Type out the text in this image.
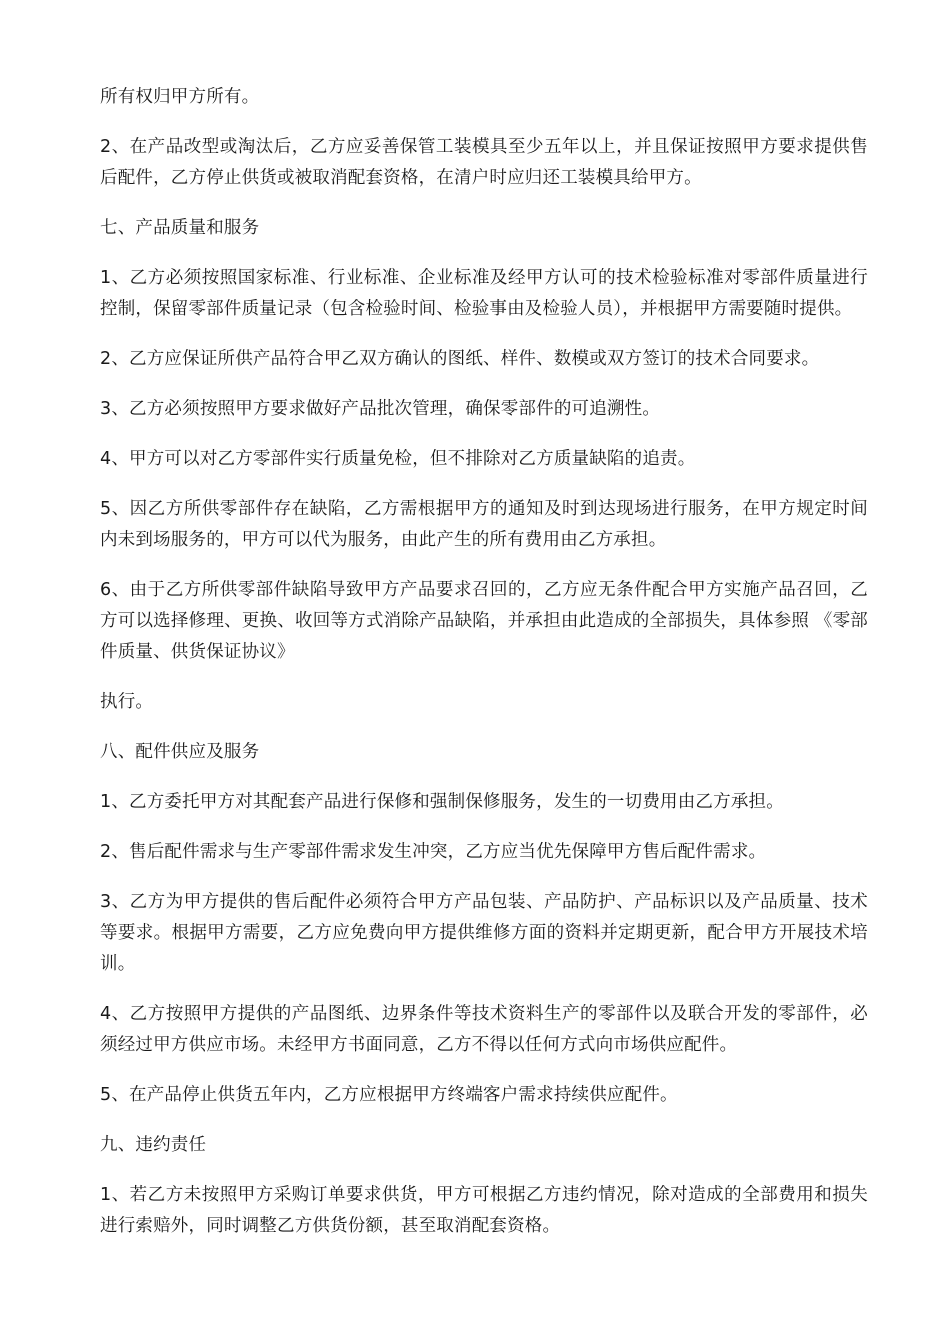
所有权归甲方所有。

2、在产品改型或淘汰后，乙方应妥善保管工装模具至少五年以上，并且保证按照甲方要求提供售后配件，乙方停止供货或被取消配套资格，在清户时应归还工装模具给甲方。

七、产品质量和服务

1、乙方必须按照国家标准、行业标准、企业标准及经甲方认可的技术检验标准对零部件质量进行控制，保留零部件质量记录（包含检验时间、检验事由及检验人员），并根据甲方需要随时提供。

2、乙方应保证所供产品符合甲乙双方确认的图纸、样件、数模或双方签订的技术合同要求。

3、乙方必须按照甲方要求做好产品批次管理，确保零部件的可追溯性。

4、甲方可以对乙方零部件实行质量免检，但不排除对乙方质量缺陷的追责。

5、因乙方所供零部件存在缺陷，乙方需根据甲方的通知及时到达现场进行服务，在甲方规定时间内未到场服务的，甲方可以代为服务，由此产生的所有费用由乙方承担。

6、由于乙方所供零部件缺陷导致甲方产品要求召回的，乙方应无条件配合甲方实施产品召回，乙方可以选择修理、更换、收回等方式消除产品缺陷，并承担由此造成的全部损失，具体参照 《零部件质量、供货保证协议》

执行。

八、配件供应及服务

1、乙方委托甲方对其配套产品进行保修和强制保修服务，发生的一切费用由乙方承担。

2、售后配件需求与生产零部件需求发生冲突，乙方应当优先保障甲方售后配件需求。

3、乙方为甲方提供的售后配件必须符合甲方产品包装、产品防护、产品标识以及产品质量、技术等要求。根据甲方需要，乙方应免费向甲方提供维修方面的资料并定期更新，配合甲方开展技术培训。

4、乙方按照甲方提供的产品图纸、边界条件等技术资料生产的零部件以及联合开发的零部件，必须经过甲方供应市场。未经甲方书面同意，乙方不得以任何方式向市场供应配件。

5、在产品停止供货五年内，乙方应根据甲方终端客户需求持续供应配件。

九、违约责任

1、若乙方未按照甲方采购订单要求供货，甲方可根据乙方违约情况，除对造成的全部费用和损失进行索赔外，同时调整乙方供货份额，甚至取消配套资格。
